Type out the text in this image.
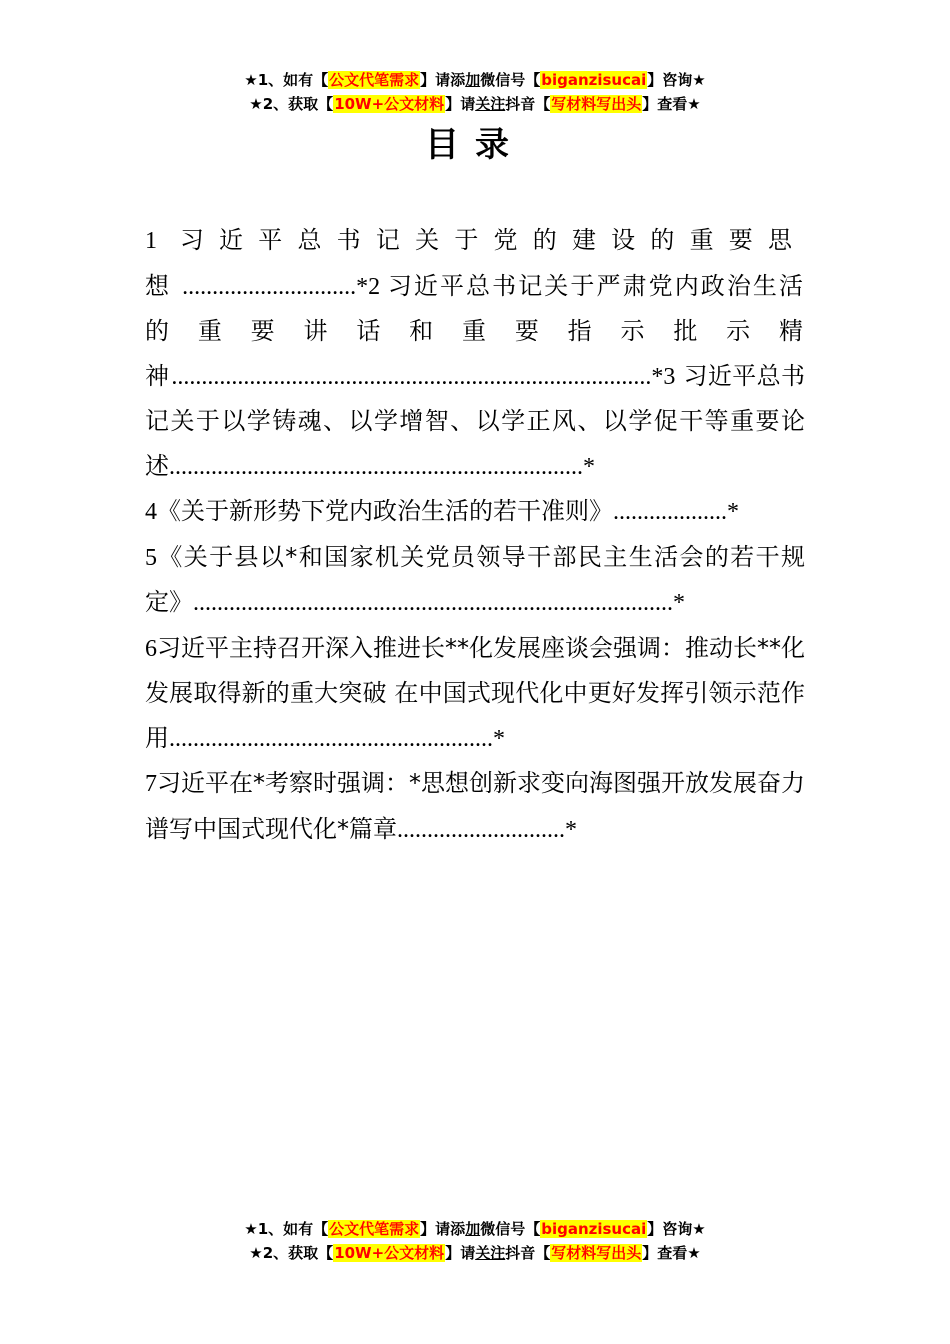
★1、如有【公文代笔需求】请添加微信号【biganzisucai】咨询★
★2、获取【10W+公文材料】请关注抖音【写材料写出头】查看★
目录

1 习近平总书记关于党的建设的重要思想.............................*2 习近平总书记关于严肃党内政治生活的重要讲话和重要指示批示精神................................................................................*3 习近平总书记关于以学铸魂、以学增智、以学正风、以学促干等重要论述.....................................................................*

4《关于新形势下党内政治生活的若干准则》...................*

5《关于县以*和国家机关党员领导干部民主生活会的若干规定》................................................................................*

6习近平主持召开深入推进长**化发展座谈会强调：推动长**化发展取得新的重大突破 在中国式现代化中更好发挥引领示范作用......................................................*

7习近平在*考察时强调：*思想创新求变向海图强开放发展奋力谱写中国式现代化*篇章............................*

★1、如有【公文代笔需求】请添加微信号【biganzisucai】咨询★
★2、获取【10W+公文材料】请关注抖音【写材料写出头】查看★
